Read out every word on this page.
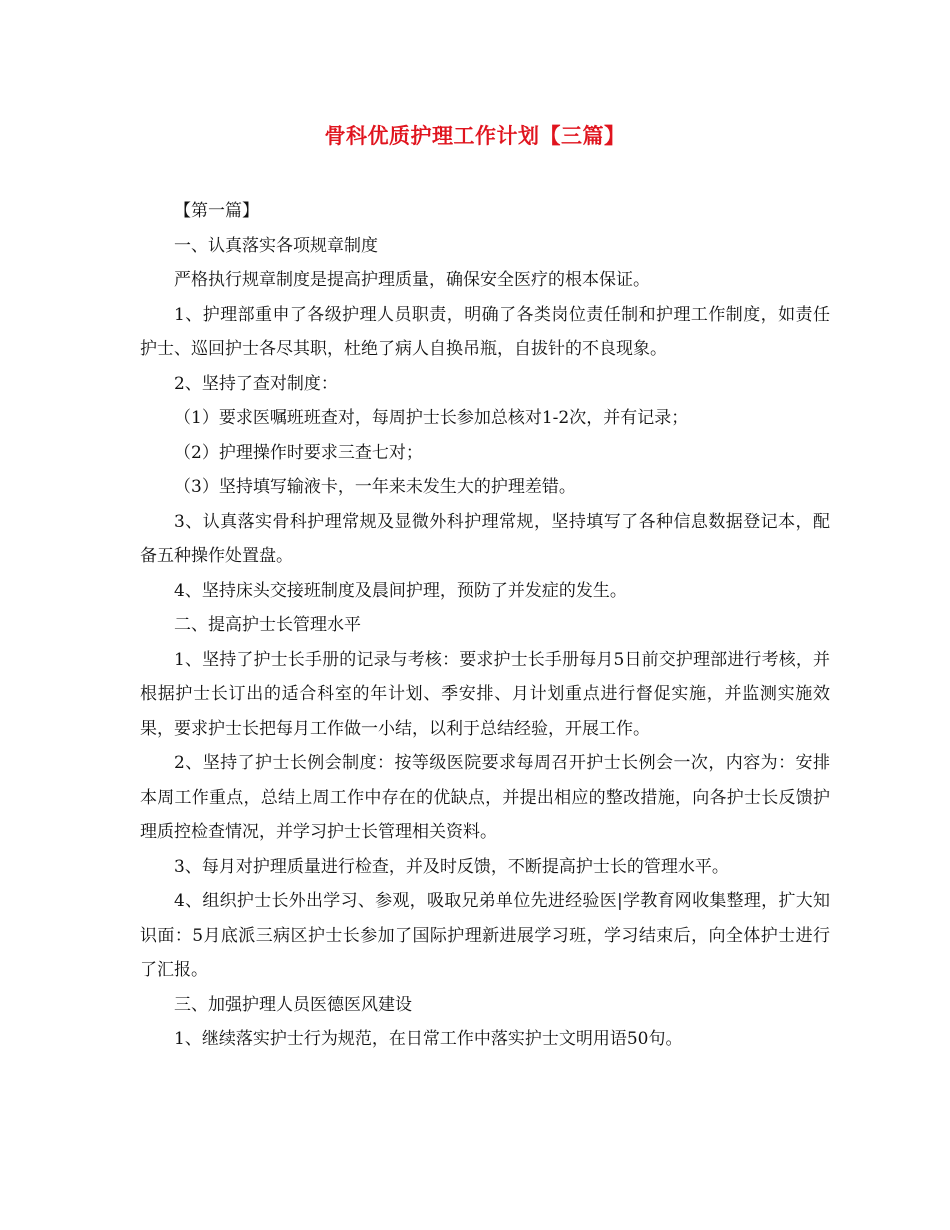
骨科优质护理工作计划【三篇】

【第一篇】

一、认真落实各项规章制度

严格执行规章制度是提高护理质量，确保安全医疗的根本保证。

1、护理部重申了各级护理人员职责，明确了各类岗位责任制和护理工作制度，如责任护士、巡回护士各尽其职，杜绝了病人自换吊瓶，自拔针的不良现象。

2、坚持了查对制度：

（1）要求医嘱班班查对，每周护士长参加总核对1-2次，并有记录；

（2）护理操作时要求三查七对；

（3）坚持填写输液卡，一年来未发生大的护理差错。

3、认真落实骨科护理常规及显微外科护理常规，坚持填写了各种信息数据登记本，配备五种操作处置盘。

4、坚持床头交接班制度及晨间护理，预防了并发症的发生。

二、提高护士长管理水平

1、坚持了护士长手册的记录与考核：要求护士长手册每月5日前交护理部进行考核，并根据护士长订出的适合科室的年计划、季安排、月计划重点进行督促实施，并监测实施效果，要求护士长把每月工作做一小结，以利于总结经验，开展工作。

2、坚持了护士长例会制度：按等级医院要求每周召开护士长例会一次，内容为：安排本周工作重点，总结上周工作中存在的优缺点，并提出相应的整改措施，向各护士长反馈护理质控检查情况，并学习护士长管理相关资料。

3、每月对护理质量进行检查，并及时反馈，不断提高护士长的管理水平。

4、组织护士长外出学习、参观，吸取兄弟单位先进经验医|学教育网收集整理，扩大知识面：5月底派三病区护士长参加了国际护理新进展学习班，学习结束后，向全体护士进行了汇报。

三、加强护理人员医德医风建设

1、继续落实护士行为规范，在日常工作中落实护士文明用语50句。
